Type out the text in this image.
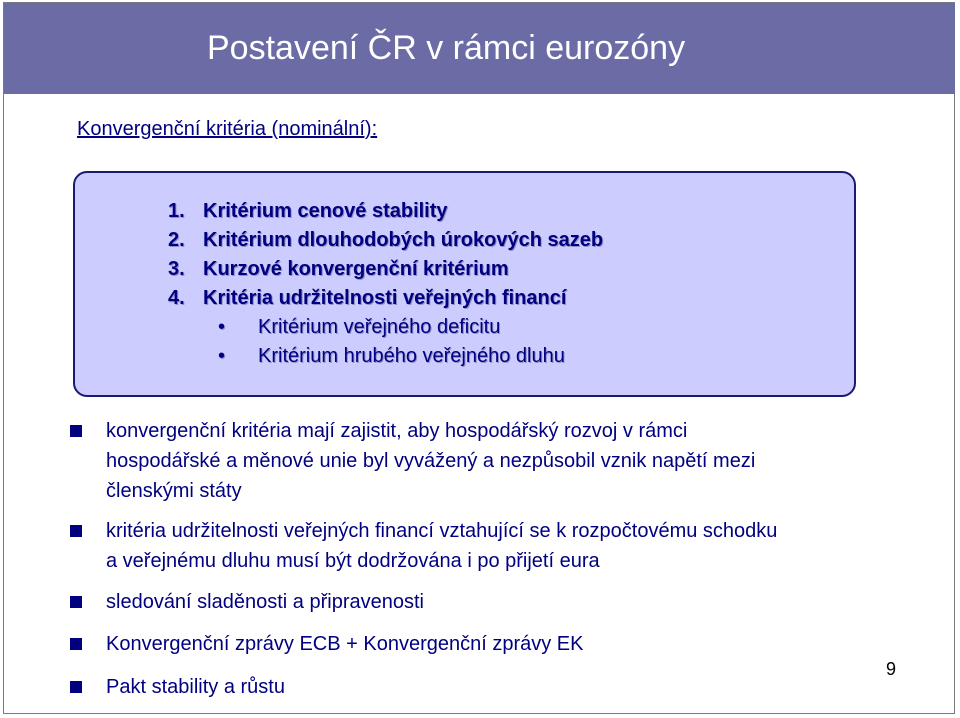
Postavení ČR v rámci eurozóny
Konvergenční kritéria (nominální):
1. Kritérium cenové stability
2. Kritérium dlouhodobých úrokových sazeb
3. Kurzové konvergenční kritérium
4. Kritéria udržitelnosti veřejných financí
• Kritérium veřejného deficitu
• Kritérium hrubého veřejného dluhu
konvergenční kritéria mají zajistit, aby hospodářský rozvoj v rámci
hospodářské a měnové unie byl vyvážený a nezpůsobil vznik napětí mezi
členskými státy
kritéria udržitelnosti veřejných financí vztahující se k rozpočtovému schodku
a veřejnému dluhu musí být dodržována i po přijetí eura
sledování sladěnosti a připravenosti
Konvergenční zprávy ECB + Konvergenční zprávy EK
Pakt stability a růstu
9
